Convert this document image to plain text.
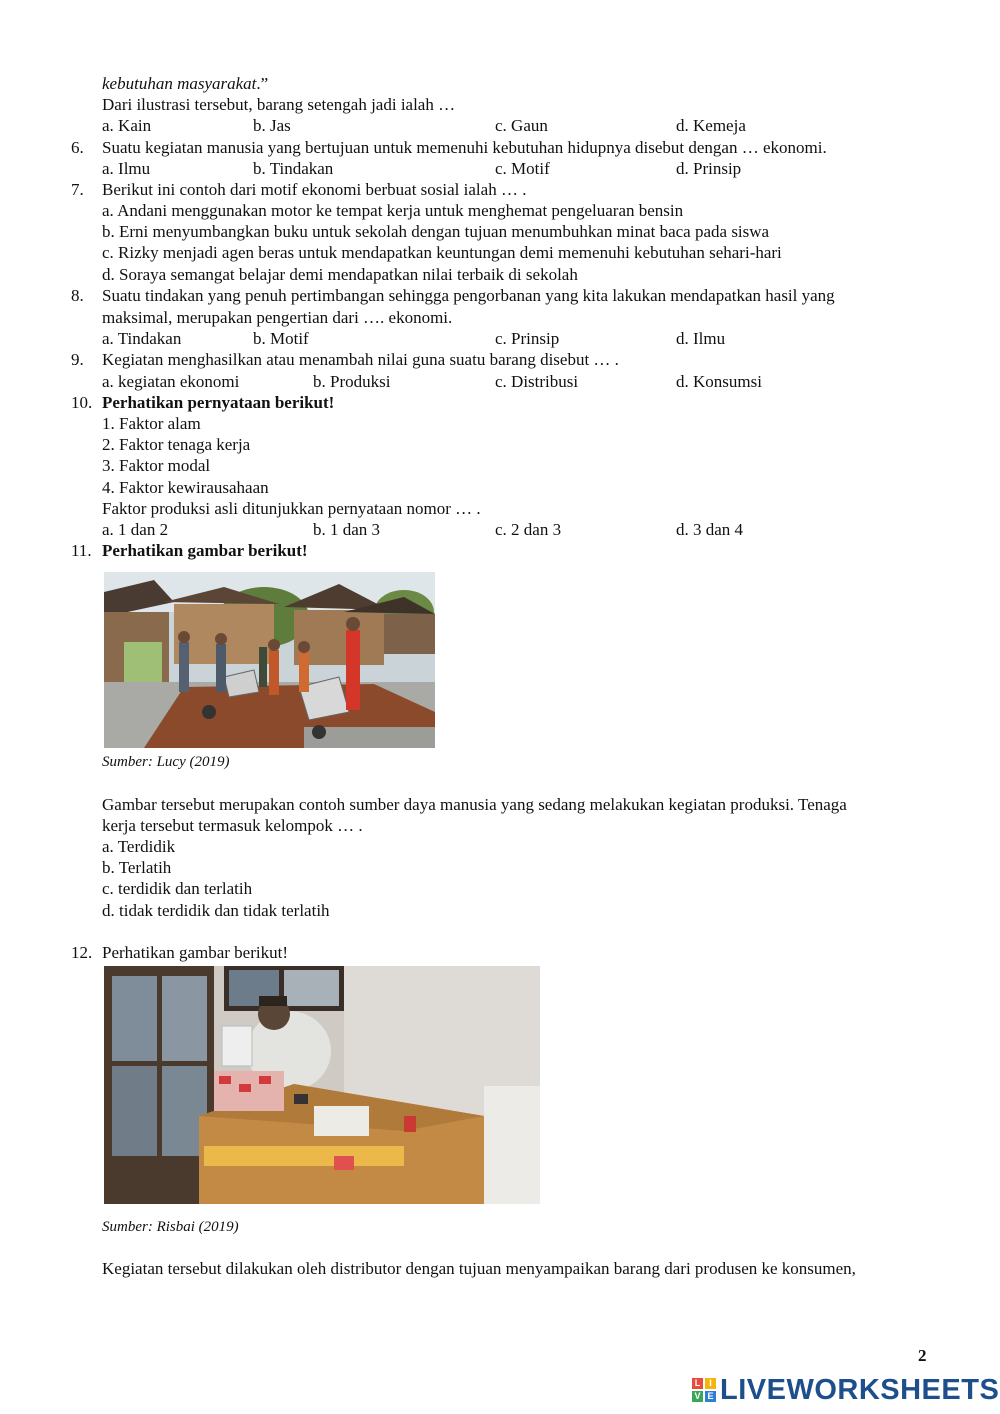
kebutuhan masyarakat.”
Dari ilustrasi tersebut, barang setengah jadi ialah …
a. Kain	b. Jas	c. Gaun	d. Kemeja
6. Suatu kegiatan manusia yang bertujuan untuk memenuhi kebutuhan hidupnya disebut dengan … ekonomi.
a. Ilmu	b. Tindakan	c. Motif	d. Prinsip
7. Berikut ini contoh dari motif ekonomi berbuat sosial ialah … .
a. Andani menggunakan motor ke tempat kerja untuk menghemat pengeluaran bensin
b. Erni menyumbangkan buku untuk sekolah dengan tujuan menumbuhkan minat baca pada siswa
c. Rizky menjadi agen beras untuk mendapatkan keuntungan demi memenuhi kebutuhan sehari-hari
d. Soraya semangat belajar demi mendapatkan nilai terbaik di sekolah
8. Suatu tindakan yang penuh pertimbangan sehingga pengorbanan yang kita lakukan mendapatkan hasil yang
maksimal, merupakan pengertian dari …. ekonomi.
a. Tindakan	b. Motif	c. Prinsip	d. Ilmu
9. Kegiatan menghasilkan atau menambah nilai guna suatu barang disebut … .
a. kegiatan ekonomi	b. Produksi	c. Distribusi	d. Konsumsi
10. Perhatikan pernyataan berikut!
1. Faktor alam
2. Faktor tenaga kerja
3. Faktor modal
4. Faktor kewirausahaan
Faktor produksi asli ditunjukkan pernyataan nomor … .
a. 1 dan 2	b. 1 dan 3	c. 2 dan 3	d. 3 dan 4
11. Perhatikan gambar berikut!
Sumber: Lucy (2019)
Gambar tersebut merupakan contoh sumber daya manusia yang sedang melakukan kegiatan produksi. Tenaga
kerja tersebut termasuk kelompok … .
a. Terdidik
b. Terlatih
c. terdidik dan terlatih
d. tidak terdidik dan tidak terlatih
12. Perhatikan gambar berikut!
Sumber: Risbai (2019)
Kegiatan tersebut dilakukan oleh distributor dengan tujuan menyampaikan barang dari produsen ke konsumen,
2
L I
V E LIVEWORKSHEETS
